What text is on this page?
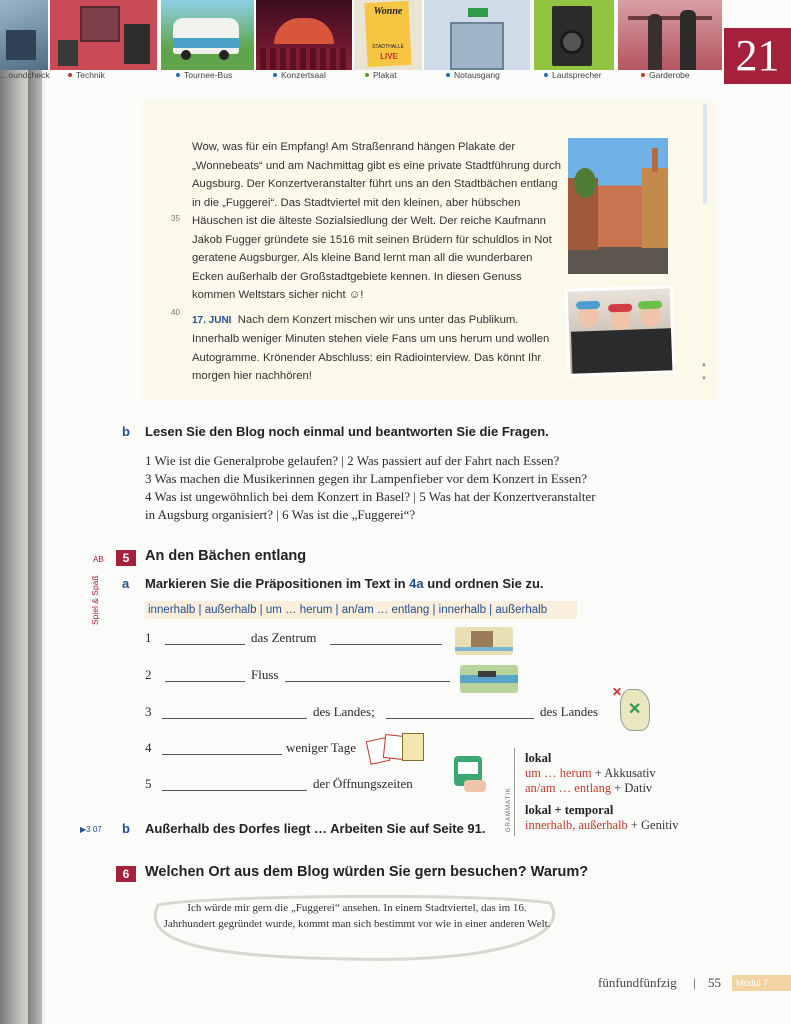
Wonne
STADTHALLE
LIVE
…oundcheck	Technik	Tournee-Bus	Konzertsaal	Plakat	Notausgang	Lautsprecher	Garderobe 21

Wow, was für ein Empfang! Am Straßenrand hängen Plakate der „Wonnebeats“ und am Nachmittag gibt es eine private Stadtführung durch Augsburg. Der Konzertveranstalter führt uns an den Stadtbächen entlang in die „Fuggerei“. Das Stadtviertel mit den kleinen, aber hübschen Häuschen ist die älteste Sozialsiedlung der Welt. Der reiche Kaufmann Jakob Fugger gründete sie 1516 mit seinen Brüdern für schuldlos in Not geratene Augsburger. Als kleine Band lernt man all die wunderbaren Ecken außerhalb der Großstadtgebiete kennen. In diesen Genuss kommen Weltstars sicher nicht ☺!

17. JUNI Nach dem Konzert mischen wir uns unter das Publikum. Innerhalb weniger Minuten stehen viele Fans um uns herum und wollen Autogramme. Krönender Abschluss: ein Radiointerview. Das könnt Ihr morgen hier nachhören!

35
40
▲
▼
b Lesen Sie den Blog noch einmal und beantworten Sie die Fragen.
1 Wie ist die Generalprobe gelaufen? | 2 Was passiert auf der Fahrt nach Essen?
3 Was machen die Musikerinnen gegen ihr Lampenfieber vor dem Konzert in Essen?
4 Was ist ungewöhnlich bei dem Konzert in Basel? | 5 Was hat der Konzertveranstalter
in Augsburg organisiert? | 6 Was ist die „Fuggerei“?
AB	5	An den Bächen entlang
Spiel & Spaß a Markieren Sie die Präpositionen im Text in 4a und ordnen Sie zu.
innerhalb | außerhalb | um … herum | an/am … entlang | innerhalb | außerhalb
1	das Zentrum
2	Fluss
3	des Landes;	des Landes
✕
✕
4	weniger Tage
5	der Öffnungszeiten
▶3 07 b Außerhalb des Dorfes liegt … Arbeiten Sie auf Seite 91.	GRAMMATIK
lokal
um … herum + Akkusativ
an/am … entlang + Dativ
lokal + temporal
innerhalb, außerhalb + Genitiv
6	Welchen Ort aus dem Blog würden Sie gern besuchen? Warum?
Ich würde mir gern die „Fuggerei“ ansehen. In einem Stadtviertel, das im 16. Jahrhundert gegründet wurde, kommt man sich bestimmt vor wie in einer anderen Welt.
fünfundfünfzig | 55	Modul 7
